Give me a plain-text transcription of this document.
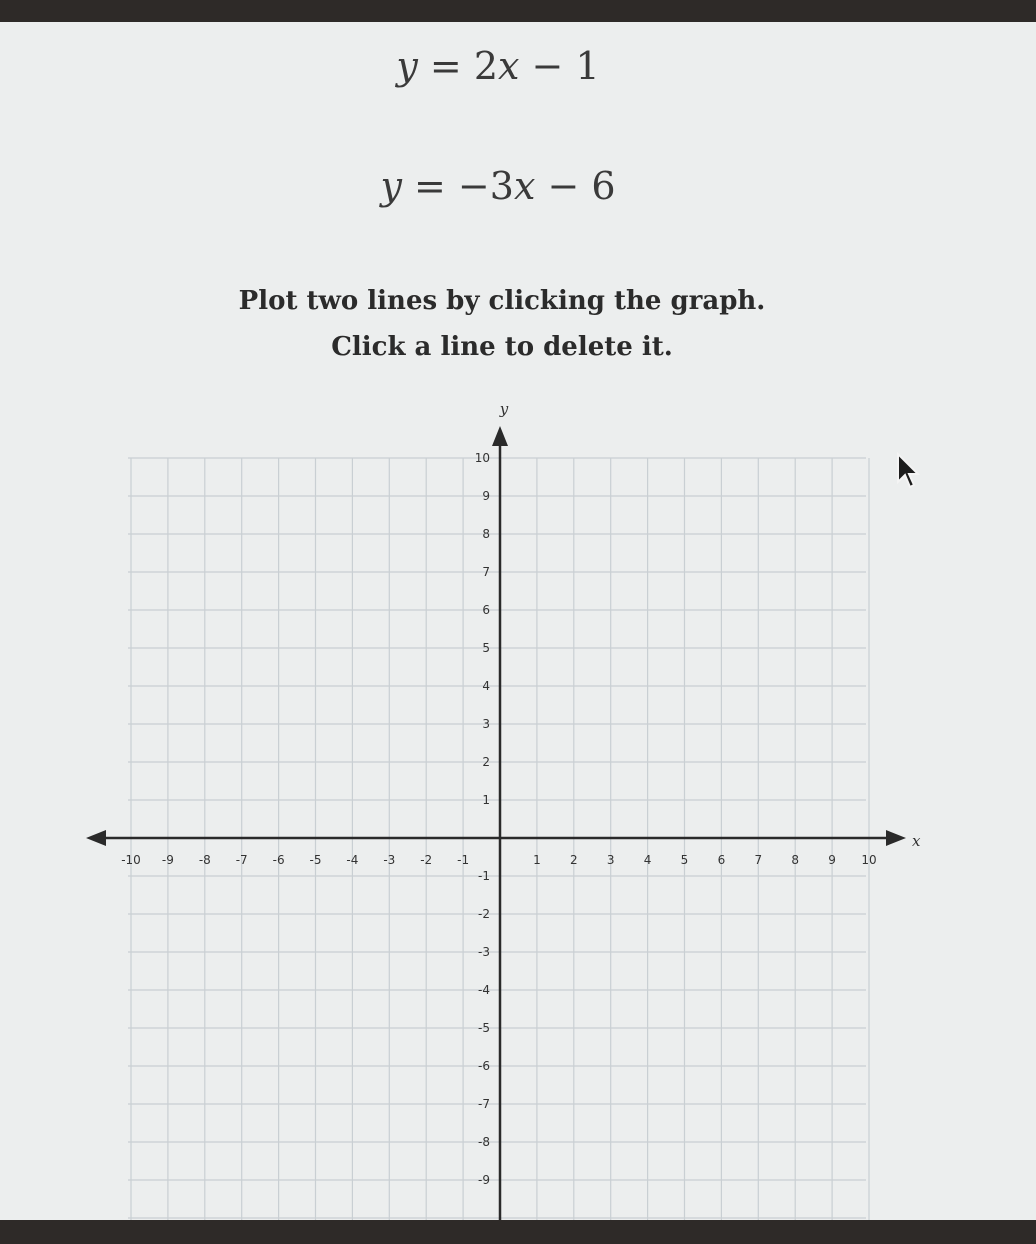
y = 2x − 1
y = −3x − 6
Plot two lines by clicking the graph.
Click a line to delete it.
-10 -9 -8 -7 -6 -5 -4 -3 -2 -1	1 2 3 4 5 6 7 8 9 10
10
9
8
7
6
5
4
3
2
1
-1
-2
-3
-4
-5
-6
-7
-8
-9
x
y
